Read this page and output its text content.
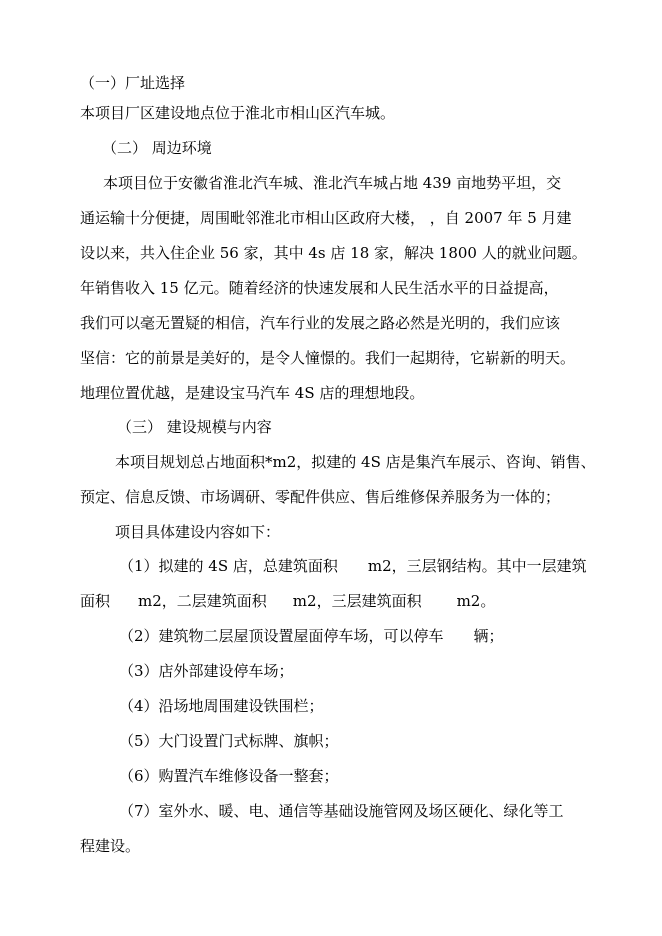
（一）厂址选择
本项目厂区建设地点位于淮北市相山区汽车城。
（二） 周边环境
本项目位于安徽省淮北汽车城、淮北汽车城占地 439 亩地势平坦，交
通运输十分便捷，周围毗邻淮北市相山区政府大楼， ，自 2007 年 5 月建
设以来，共入住企业 56 家，其中 4s 店 18 家，解决 1800 人的就业问题。
年销售收入 15 亿元。随着经济的快速发展和人民生活水平的日益提高，
我们可以毫无置疑的相信，汽车行业的发展之路必然是光明的，我们应该
坚信：它的前景是美好的，是令人憧憬的。我们一起期待，它崭新的明天。
地理位置优越，是建设宝马汽车 4S 店的理想地段。
（三） 建设规模与内容
本项目规划总占地面积*m2，拟建的 4S 店是集汽车展示、咨询、销售、
预定、信息反馈、市场调研、零配件供应、售后维修保养服务为一体的；
项目具体建设内容如下：
（1）拟建的 4S 店，总建筑面积 m2，三层钢结构。其中一层建筑
面积 m2，二层建筑面积 m2，三层建筑面积 m2。
（2）建筑物二层屋顶设置屋面停车场，可以停车 辆；
（3）店外部建设停车场；
（4）沿场地周围建设铁围栏；
（5）大门设置门式标牌、旗帜；
（6）购置汽车维修设备一整套；
（7）室外水、暖、电、通信等基础设施管网及场区硬化、绿化等工
程建设。
